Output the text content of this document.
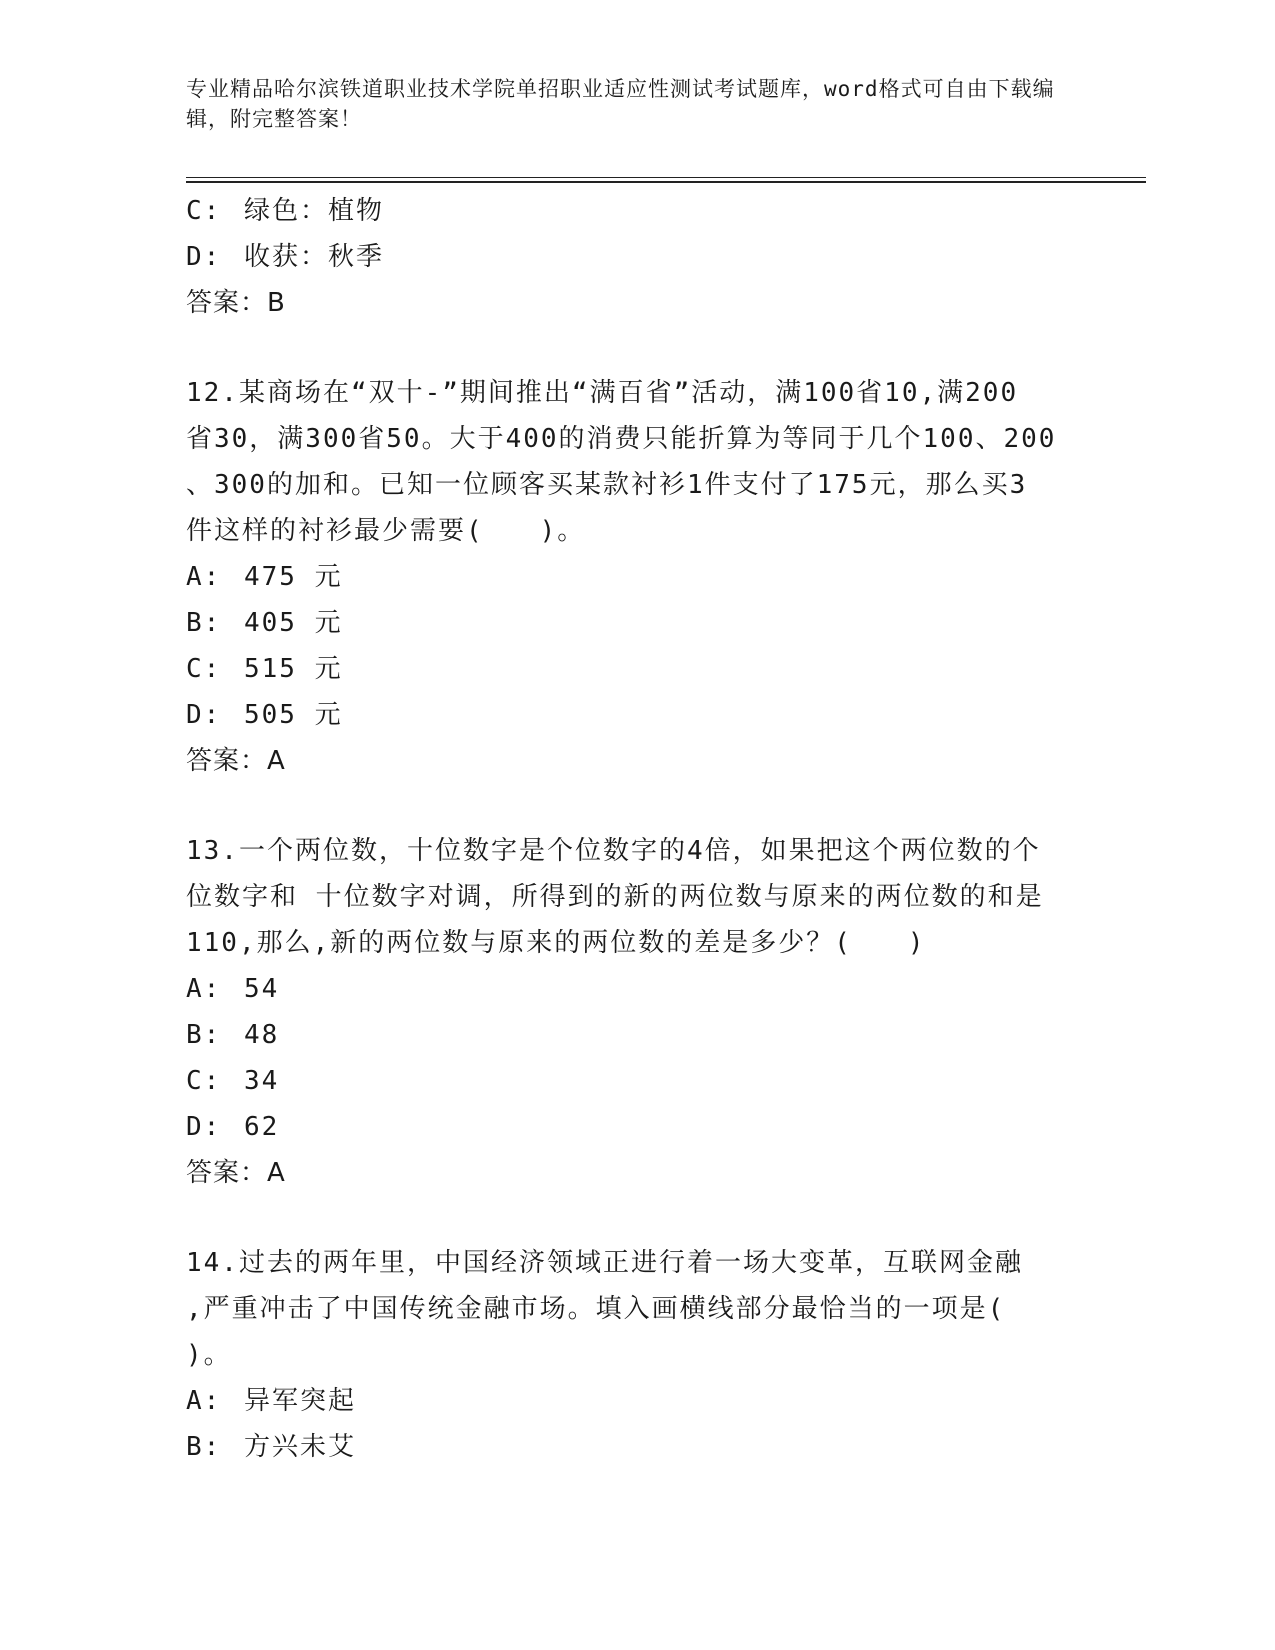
专业精品哈尔滨铁道职业技术学院单招职业适应性测试考试题库，word格式可自由下载编辑，附完整答案！
C: 绿色：植物
D: 收获：秋季
答案：B
12.某商场在“双十-”期间推出“满百省”活动，满100省10,满200
省30，满300省50。大于400的消费只能折算为等同于几个100、200
、300的加和。已知一位顾客买某款衬衫1件支付了175元，那么买3
件这样的衬衫最少需要(　　)。
A: 475 元
B: 405 元
C: 515 元
D: 505 元
答案：A
13.一个两位数，十位数字是个位数字的4倍，如果把这个两位数的个
位数字和 十位数字对调，所得到的新的两位数与原来的两位数的和是
110,那么,新的两位数与原来的两位数的差是多少？(　　)
A: 54
B: 48
C: 34
D: 62
答案：A
14.过去的两年里，中国经济领域正进行着一场大变革，互联网金融
,严重冲击了中国传统金融市场。填入画横线部分最恰当的一项是(
)。
A: 异军突起
B: 方兴未艾
